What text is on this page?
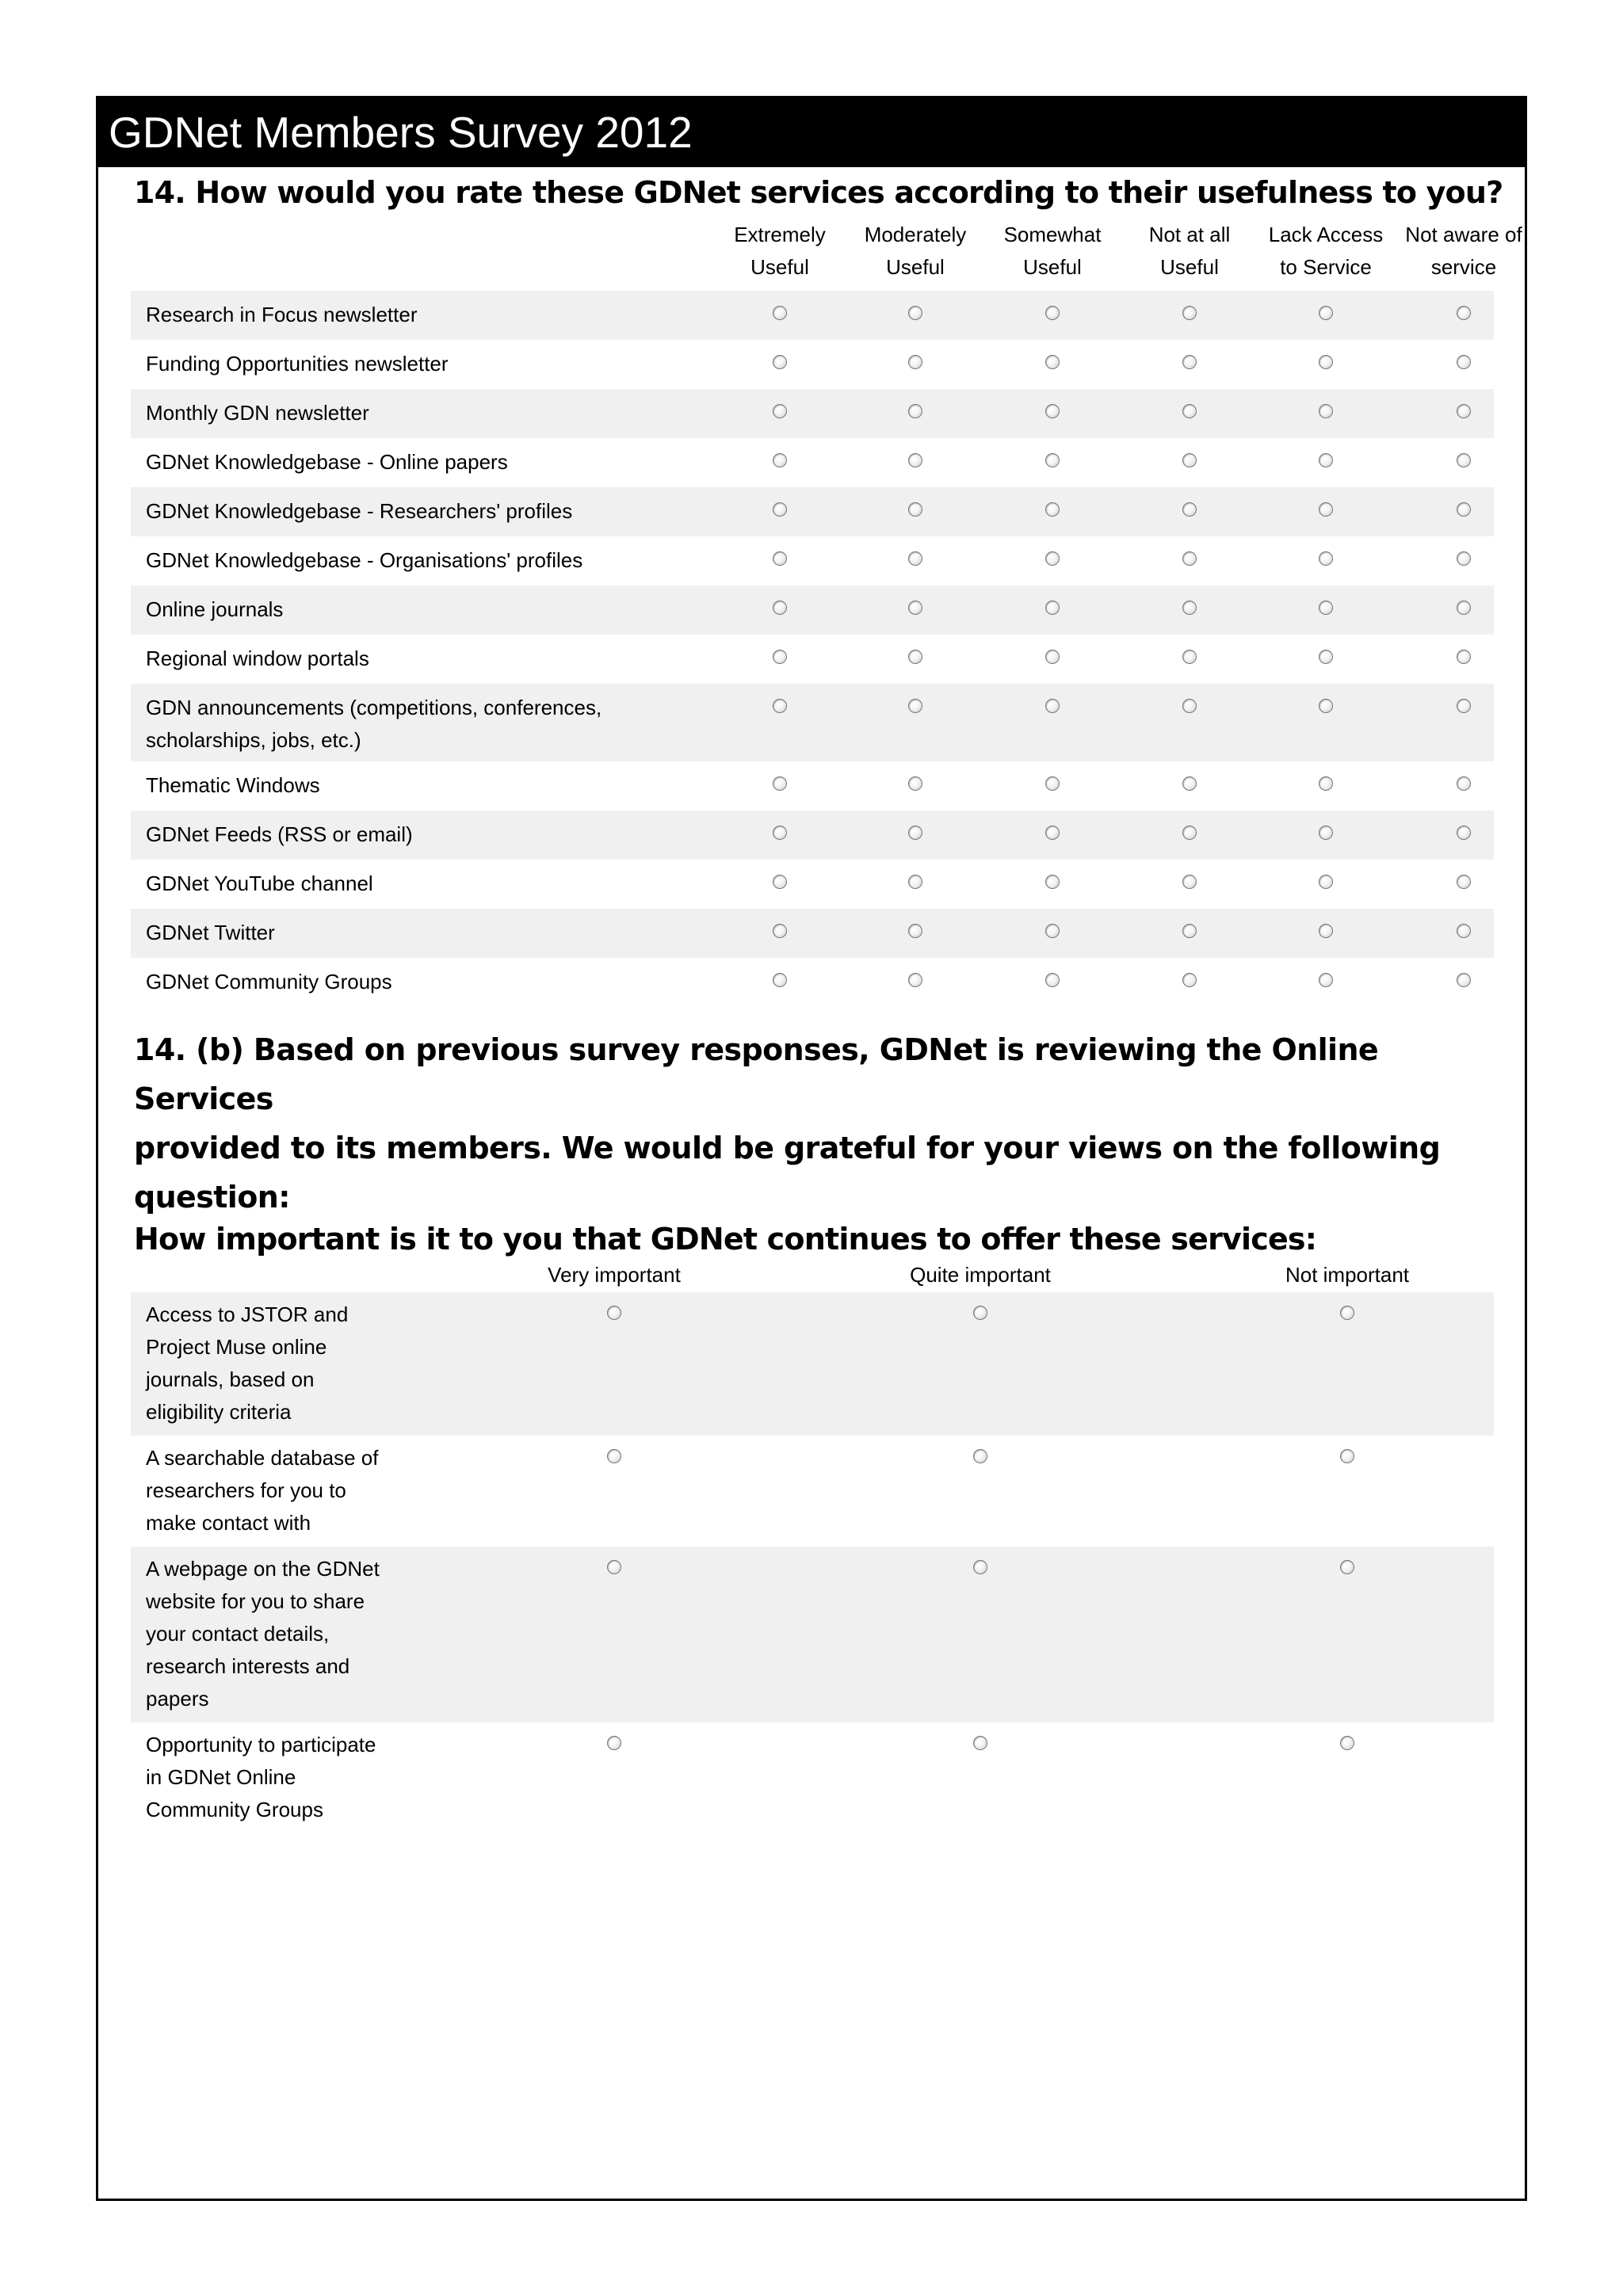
GDNet Members Survey 2012
14. How would you rate these GDNet services according to their usefulness to you?
Extremely
Useful
Moderately
Useful
Somewhat
Useful
Not at all
Useful
Lack Access
to Service
Not aware of
service
Research in Focus newsletter
Funding Opportunities newsletter
Monthly GDN newsletter
GDNet Knowledgebase - Online papers
GDNet Knowledgebase - Researchers' profiles
GDNet Knowledgebase - Organisations' profiles
Online journals
Regional window portals
GDN announcements (competitions, conferences,
scholarships, jobs, etc.)
Thematic Windows
GDNet Feeds (RSS or email)
GDNet YouTube channel
GDNet Twitter
GDNet Community Groups
14. (b) Based on previous survey responses, GDNet is reviewing the Online Services
provided to its members. We would be grateful for your views on the following
question:
How important is it to you that GDNet continues to offer these services:
Very important	Quite important	Not important
Access to JSTOR and
Project Muse online
journals, based on
eligibility criteria
A searchable database of
researchers for you to
make contact with
A webpage on the GDNet
website for you to share
your contact details,
research interests and
papers
Opportunity to participate
in GDNet Online
Community Groups
